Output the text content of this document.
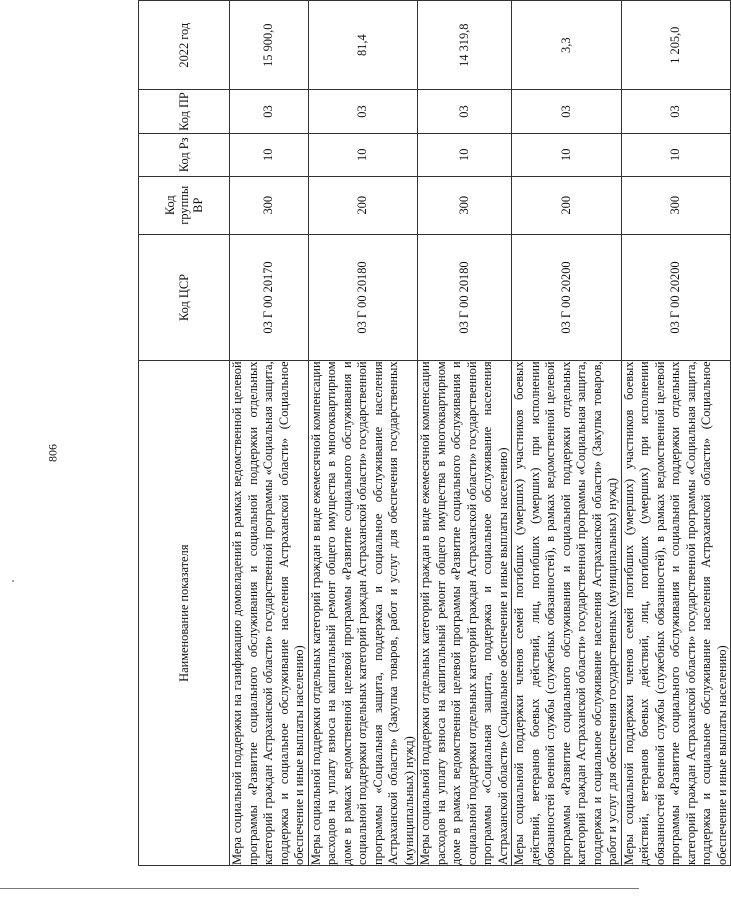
806
Наименование показателя	Код ЦСР	Код группы ВР	Код Рз	Код ПР	2022 год
Мера социальной поддержки на газификацию домовладений в рамках ведомственной целевой программы «Развитие социального обслуживания и социальной поддержки отдельных категорий граждан Астраханской области» государственной программы «Социальная защита, поддержка и социальное обслуживание населения Астраханской области» (Социальное обеспечение и иные выплаты населению)	03 Г 00 20170	300	10	03	15 900,0
Меры социальной поддержки отдельных категорий граждан в виде ежемесячной компенсации расходов на уплату взноса на капитальный ремонт общего имущества в многоквартирном доме в рамках ведомственной целевой программы «Развитие социального обслуживания и социальной поддержки отдельных категорий граждан Астраханской области» государственной программы «Социальная защита, поддержка и социальное обслуживание населения Астраханской области» (Закупка товаров, работ и услуг для обеспечения государственных (муниципальных) нужд)	03 Г 00 20180	200	10	03	81,4
Меры социальной поддержки отдельных категорий граждан в виде ежемесячной компенсации расходов на уплату взноса на капитальный ремонт общего имущества в многоквартирном доме в рамках ведомственной целевой программы «Развитие социального обслуживания и социальной поддержки отдельных категорий граждан Астраханской области» государственной программы «Социальная защита, поддержка и социальное обслуживание населения Астраханской области» (Социальное обеспечение и иные выплаты населению)	03 Г 00 20180	300	10	03	14 319,8
Меры социальной поддержки членов семей погибших (умерших) участников боевых действий, ветеранов боевых действий, лиц, погибших (умерших) при исполнении обязанностей военной службы (служебных обязанностей), в рамках ведомственной целевой программы «Развитие социального обслуживания и социальной поддержки отдельных категорий граждан Астраханской области» государственной программы «Социальная защита, поддержка и социальное обслуживание населения Астраханской области» (Закупка товаров, работ и услуг для обеспечения государственных (муниципальных) нужд)	03 Г 00 20200	200	10	03	3,3
Меры социальной поддержки членов семей погибших (умерших) участников боевых действий, ветеранов боевых действий, лиц, погибших (умерших) при исполнении обязанностей военной службы (служебных обязанностей), в рамках ведомственной целевой программы «Развитие социального обслуживания и социальной поддержки отдельных категорий граждан Астраханской области» государственной программы «Социальная защита, поддержка и социальное обслуживание населения Астраханской области» (Социальное обеспечение и иные выплаты населению)	03 Г 00 20200	300	10	03	1 205,0
